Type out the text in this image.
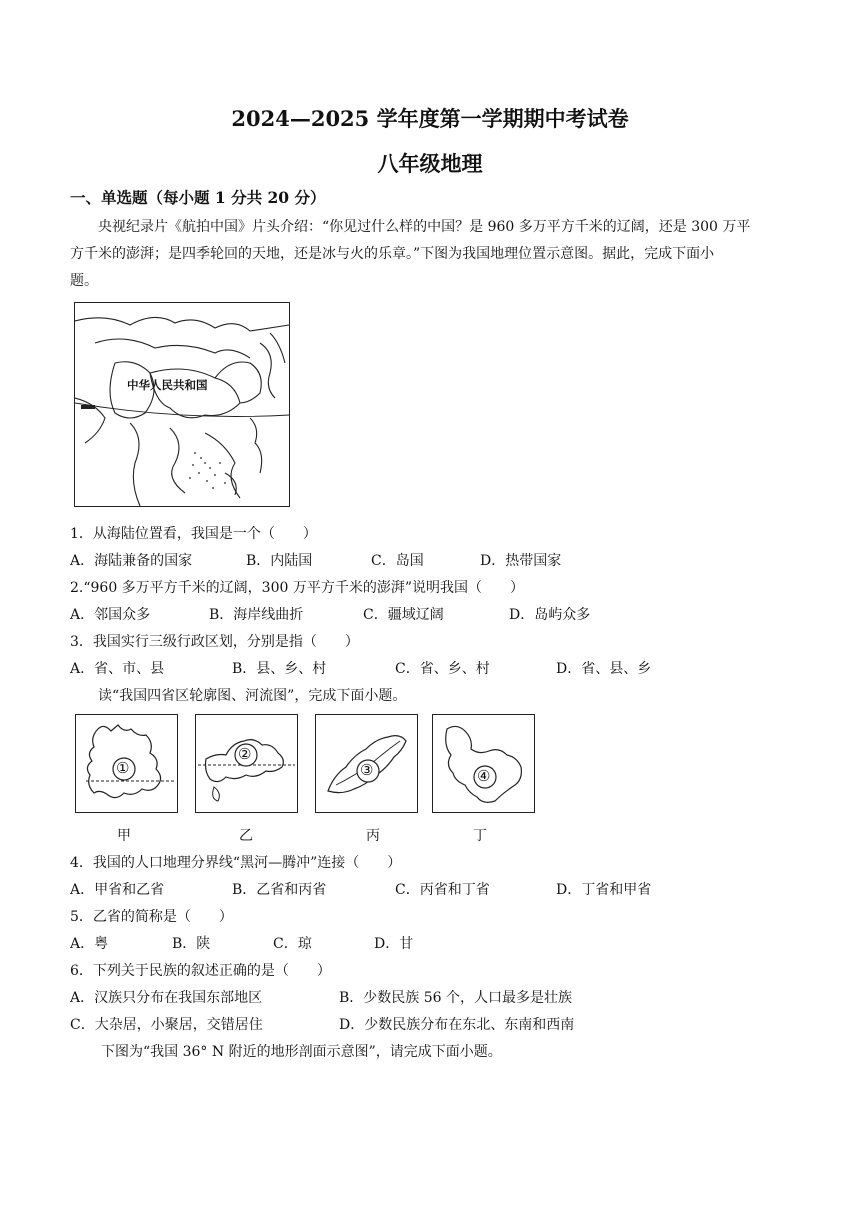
2024—2025 学年度第一学期期中考试卷
八年级地理
一、单选题（每小题 1 分共 20 分）
央视纪录片《航拍中国》片头介绍：“你见过什么样的中国？是 960 多万平方千米的辽阔，还是 300 万平
方千米的澎湃；是四季轮回的天地，还是冰与火的乐章。”下图为我国地理位置示意图。据此，完成下面小
题。
中华人民共和国
1．从海陆位置看，我国是一个（　　）
A．海陆兼备的国家	B．内陆国	C．岛国	D．热带国家
2.“960 多万平方千米的辽阔，300 万平方千米的澎湃”说明我国（　　）
A．邻国众多	B．海岸线曲折	C．疆域辽阔	D．岛屿众多
3．我国实行三级行政区划，分别是指（　　）
A．省、市、县	B．县、乡、村	C．省、乡、村	D．省、县、乡
读“我国四省区轮廓图、河流图”，完成下面小题。
①
②
③	④
甲	乙	丙	丁
4．我国的人口地理分界线“黑河—腾冲”连接（　　）
A．甲省和乙省	B．乙省和丙省	C．丙省和丁省	D．丁省和甲省
5．乙省的简称是（　　）
A．粤	B．陕	C．琼	D．甘
6．下列关于民族的叙述正确的是（　　）
A．汉族只分布在我国东部地区	B．少数民族 56 个，人口最多是壮族
C．大杂居，小聚居，交错居住	D．少数民族分布在东北、东南和西南
下图为“我国 36° N 附近的地形剖面示意图”，请完成下面小题。
